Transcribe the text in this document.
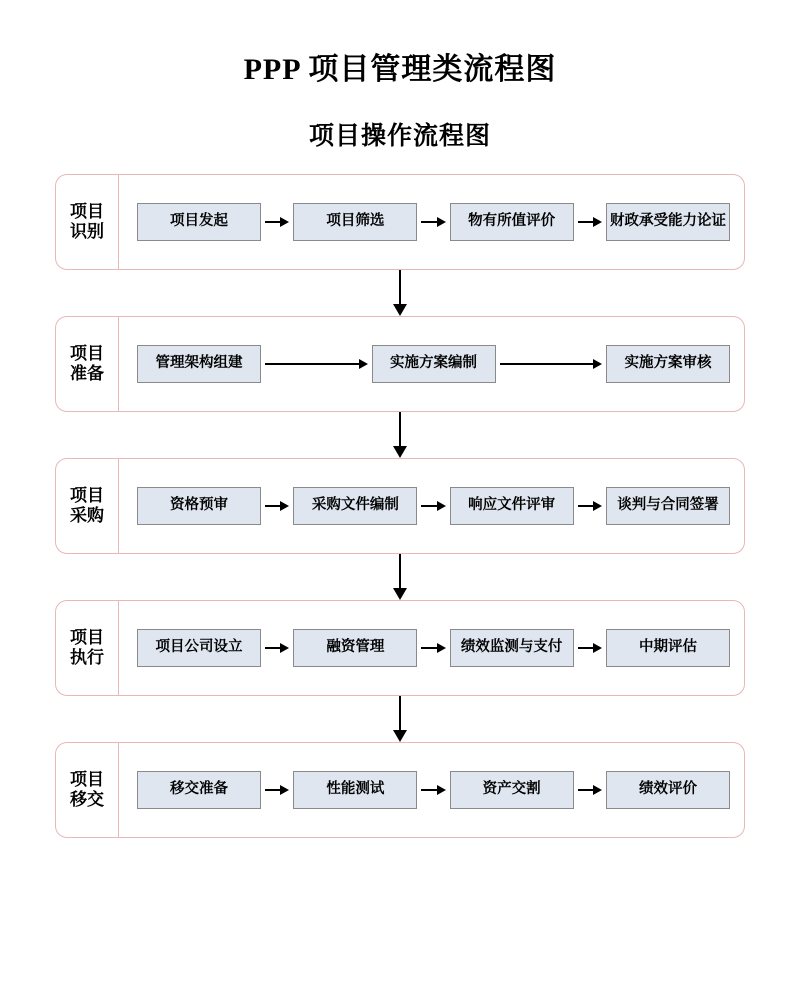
PPP 项目管理类流程图
项目操作流程图
项目识别
项目发起	项目筛选	物有所值评价	财政承受能力论证
项目准备
管理架构组建	实施方案编制	实施方案审核
项目采购
资格预审	采购文件编制	响应文件评审	谈判与合同签署
项目执行
项目公司设立	融资管理	绩效监测与支付	中期评估
项目移交
移交准备	性能测试	资产交割	绩效评价
